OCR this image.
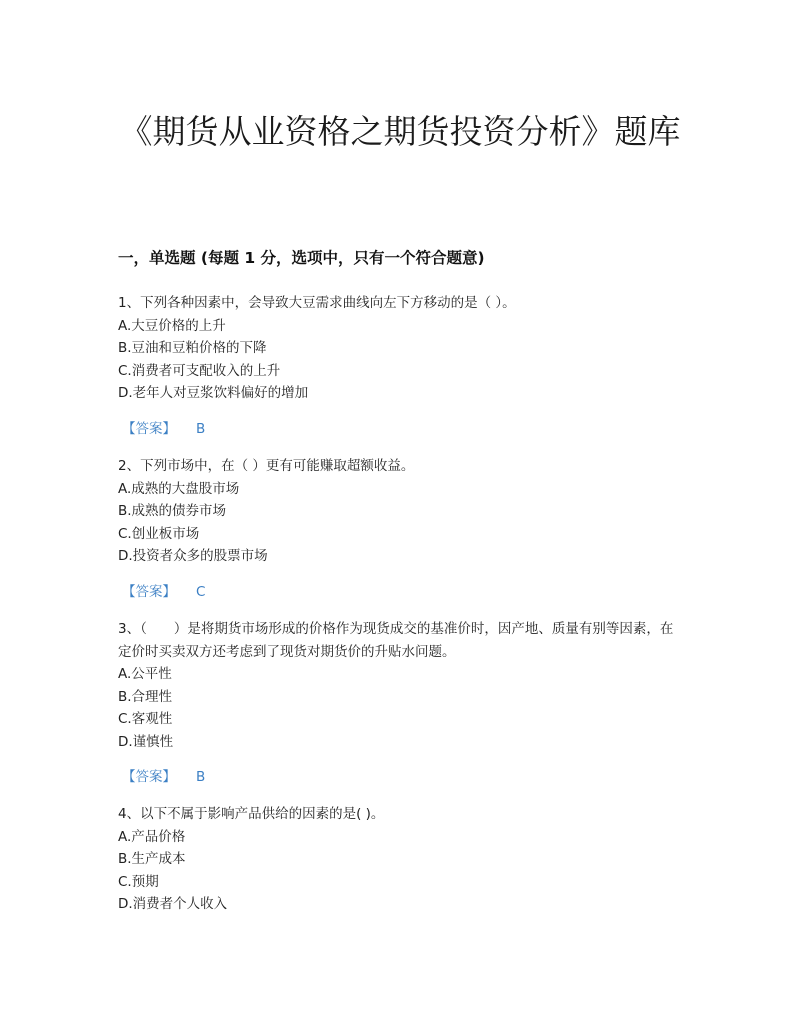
《期货从业资格之期货投资分析》题库
一，单选题 (每题 1 分，选项中，只有一个符合题意)

1、下列各种因素中，会导致大豆需求曲线向左下方移动的是（ ）。

A.大豆价格的上升

B.豆油和豆粕价格的下降

C.消费者可支配收入的上升

D.老年人对豆浆饮料偏好的增加

【答案】 B

2、下列市场中，在（ ）更有可能赚取超额收益。

A.成熟的大盘股市场

B.成熟的债券市场

C.创业板市场

D.投资者众多的股票市场

【答案】 C

3、（　　）是将期货市场形成的价格作为现货成交的基准价时，因产地、质量有别等因素，在定价时买卖双方还考虑到了现货对期货价的升贴水问题。

A.公平性

B.合理性

C.客观性

D.谨慎性

【答案】 B

4、以下不属于影响产品供给的因素的是( )。

A.产品价格

B.生产成本

C.预期

D.消费者个人收入
